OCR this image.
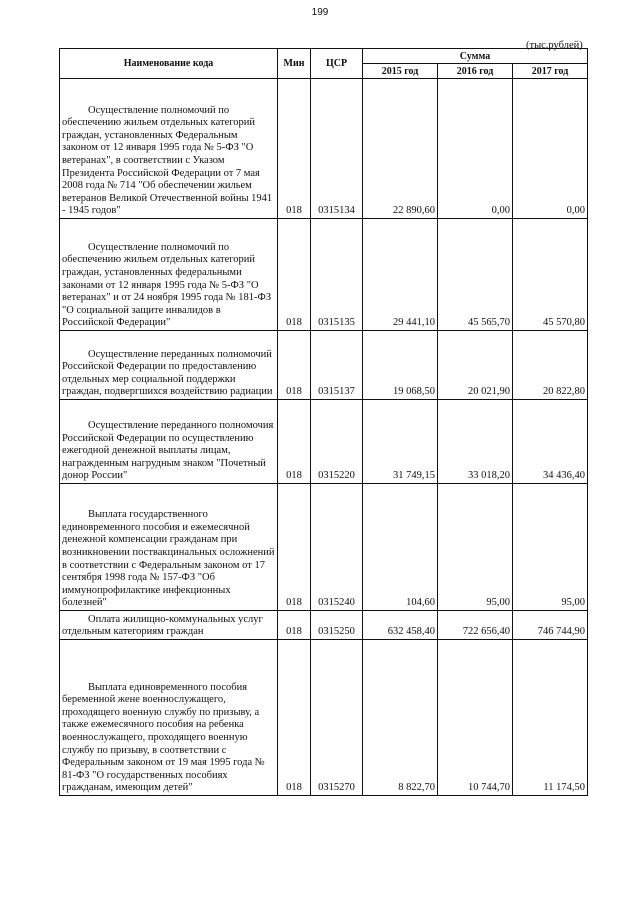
199
(тыс.рублей)
Наименование кода	Мин	ЦСР	Сумма		
			2015 год	2016 год	2017 год

Осуществление полномочий по обеспечению жильем отдельных категорий граждан, установленных Федеральным законом от 12 января 1995 года № 5-ФЗ "О ветеранах", в соответствии с Указом Президента Российской Федерации от 7 мая 2008 года № 714 "Об обеспечении жильем ветеранов Великой Отечественной войны 1941 - 1945 годов"	018	0315134	22 890,60	0,00	0,00

Осуществление полномочий по обеспечению жильем отдельных категорий граждан, установленных федеральными законами от 12 января 1995 года № 5-ФЗ "О ветеранах" и от 24 ноября 1995 года № 181-ФЗ "О социальной защите инвалидов в Российской Федерации"	018	0315135	29 441,10	45 565,70	45 570,80

Осуществление переданных полномочий Российской Федерации по предоставлению отдельных мер социальной поддержки граждан, подвергшихся воздействию радиации	018	0315137	19 068,50	20 021,90	20 822,80

Осуществление переданного полномочия Российской Федерации по осуществлению ежегодной денежной выплаты лицам, награжденным нагрудным знаком "Почетный донор России"	018	0315220	31 749,15	33 018,20	34 436,40

Выплата государственного единовременного пособия и ежемесячной денежной компенсации гражданам при возникновении поствакцинальных осложнений в соответствии с Федеральным законом от 17 сентября 1998 года № 157-ФЗ "Об иммунопрофилактике инфекционных болезней"	018	0315240	104,60	95,00	95,00

Оплата жилищно-коммунальных услуг отдельным категориям граждан	018	0315250	632 458,40	722 656,40	746 744,90

Выплата единовременного пособия беременной жене военнослужащего, проходящего военную службу по призыву, а также ежемесячного пособия на ребенка военнослужащего, проходящего военную службу по призыву, в соответствии с Федеральным законом от 19 мая 1995 года № 81-ФЗ "О государственных пособиях гражданам, имеющим детей"	018	0315270	8 822,70	10 744,70	11 174,50
